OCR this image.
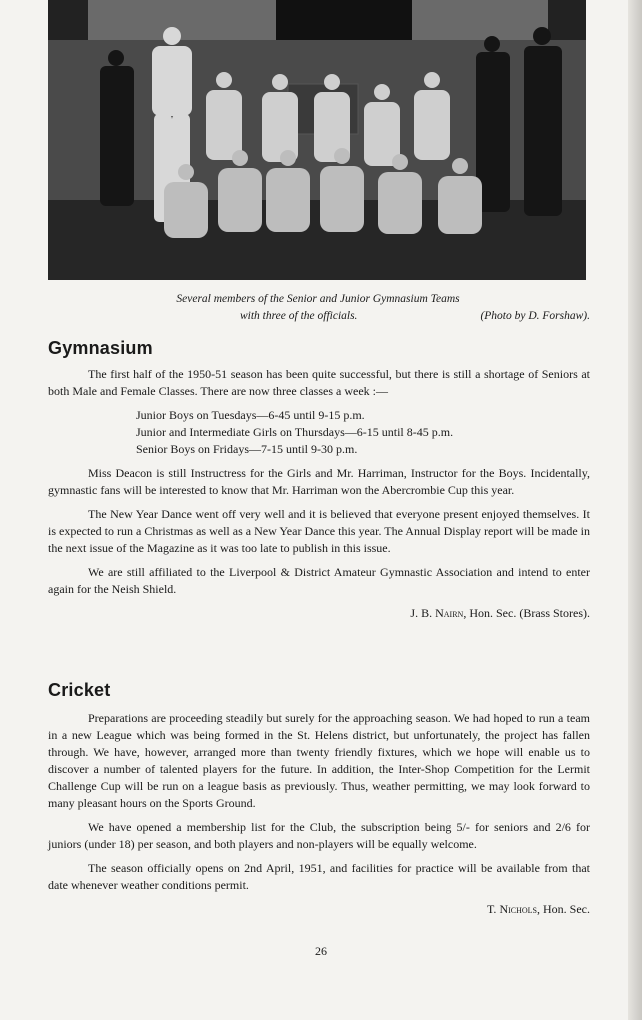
Several members of the Senior and Junior Gymnasium Teams
with three of the officials.	(Photo by D. Forshaw).
Gymnasium

The first half of the 1950-51 season has been quite successful, but there is still a shortage of Seniors at both Male and Female Classes. There are now three classes a week :—

Junior Boys on Tuesdays—6-45 until 9-15 p.m.
Junior and Intermediate Girls on Thursdays—6-15 until 8-45 p.m.
Senior Boys on Fridays—7-15 until 9-30 p.m.

Miss Deacon is still Instructress for the Girls and Mr. Harriman, Instructor for the Boys. Incidentally, gymnastic fans will be interested to know that Mr. Harriman won the Abercrombie Cup this year.

The New Year Dance went off very well and it is believed that everyone present enjoyed themselves. It is expected to run a Christmas as well as a New Year Dance this year. The Annual Display report will be made in the next issue of the Magazine as it was too late to publish in this issue.

We are still affiliated to the Liverpool & District Amateur Gymnastic Association and intend to enter again for the Neish Shield.

J. B. Nairn, Hon. Sec. (Brass Stores).
Cricket

Preparations are proceeding steadily but surely for the approaching season. We had hoped to run a team in a new League which was being formed in the St. Helens district, but unfortunately, the project has fallen through. We have, however, arranged more than twenty friendly fixtures, which we hope will enable us to discover a number of talented players for the future. In addition, the Inter-Shop Competition for the Lermit Challenge Cup will be run on a league basis as previously. Thus, weather permitting, we may look forward to many pleasant hours on the Sports Ground.

We have opened a membership list for the Club, the subscription being 5/- for seniors and 2/6 for juniors (under 18) per season, and both players and non-players will be equally welcome.

The season officially opens on 2nd April, 1951, and facilities for practice will be available from that date whenever weather conditions permit.

T. Nichols, Hon. Sec.
26
